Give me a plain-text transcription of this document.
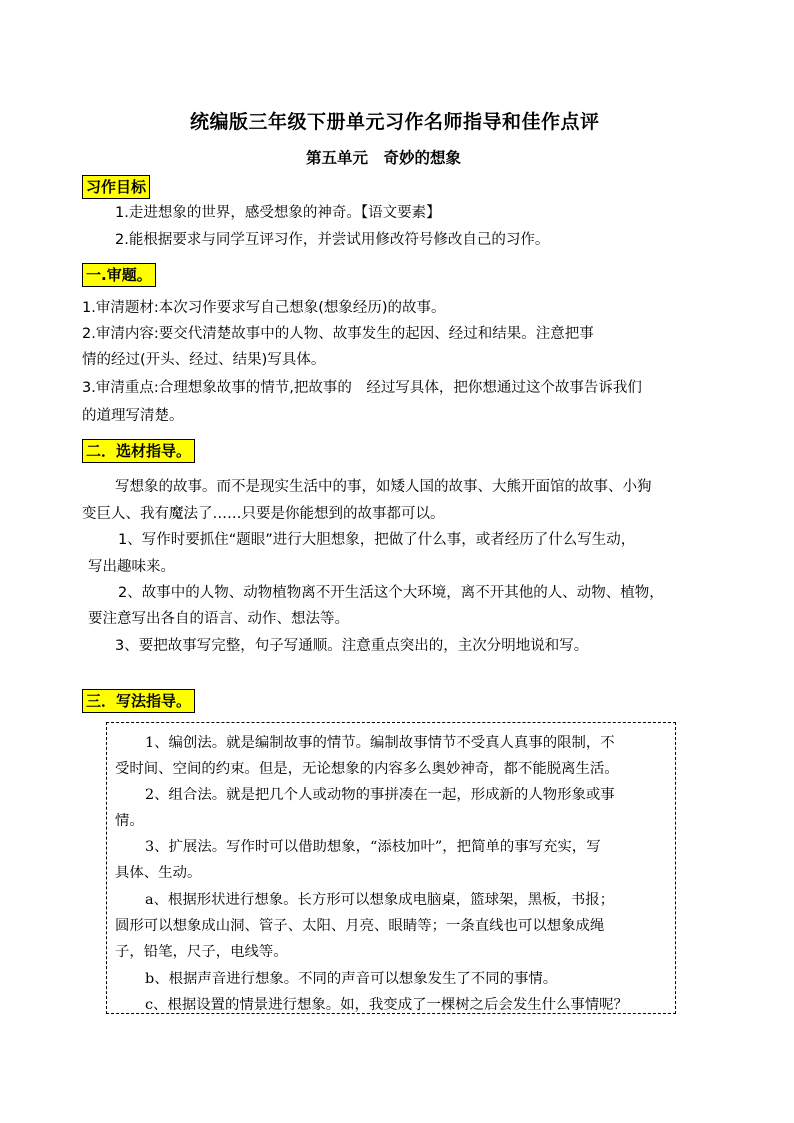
统编版三年级下册单元习作名师指导和佳作点评
第五单元　奇妙的想象
习作目标
1.走进想象的世界，感受想象的神奇。【语文要素】
2.能根据要求与同学互评习作，并尝试用修改符号修改自己的习作。
一.审题。
1.审清题材:本次习作要求写自己想象(想象经历)的故事。
2.审清内容:要交代清楚故事中的人物、故事发生的起因、经过和结果。注意把事
情的经过(开头、经过、结果)写具体。
3.审清重点:合理想象故事的情节,把故事的　经过写具体，把你想通过这个故事告诉我们
的道理写清楚。
二．选材指导。
写想象的故事。而不是现实生活中的事，如矮人国的故事、大熊开面馆的故事、小狗
变巨人、我有魔法了……只要是你能想到的故事都可以。
1、写作时要抓住“题眼”进行大胆想象，把做了什么事，或者经历了什么写生动，
写出趣味来。
2、故事中的人物、动物植物离不开生活这个大环境，离不开其他的人、动物、植物，
要注意写出各自的语言、动作、想法等。
3、要把故事写完整，句子写通顺。注意重点突出的，主次分明地说和写。
三．写法指导。
1、编创法。就是编制故事的情节。编制故事情节不受真人真事的限制，不
受时间、空间的约束。但是，无论想象的内容多么奥妙神奇，都不能脱离生活。
2、组合法。就是把几个人或动物的事拼凑在一起，形成新的人物形象或事
情。
3、扩展法。写作时可以借助想象，“添枝加叶”，把简单的事写充实，写
具体、生动。
a、根据形状进行想象。长方形可以想象成电脑桌，篮球架，黑板，书报；
圆形可以想象成山洞、管子、太阳、月亮、眼睛等；一条直线也可以想象成绳
子，铅笔，尺子，电线等。
b、根据声音进行想象。不同的声音可以想象发生了不同的事情。
c、根据设置的情景进行想象。如，我变成了一棵树之后会发生什么事情呢？
